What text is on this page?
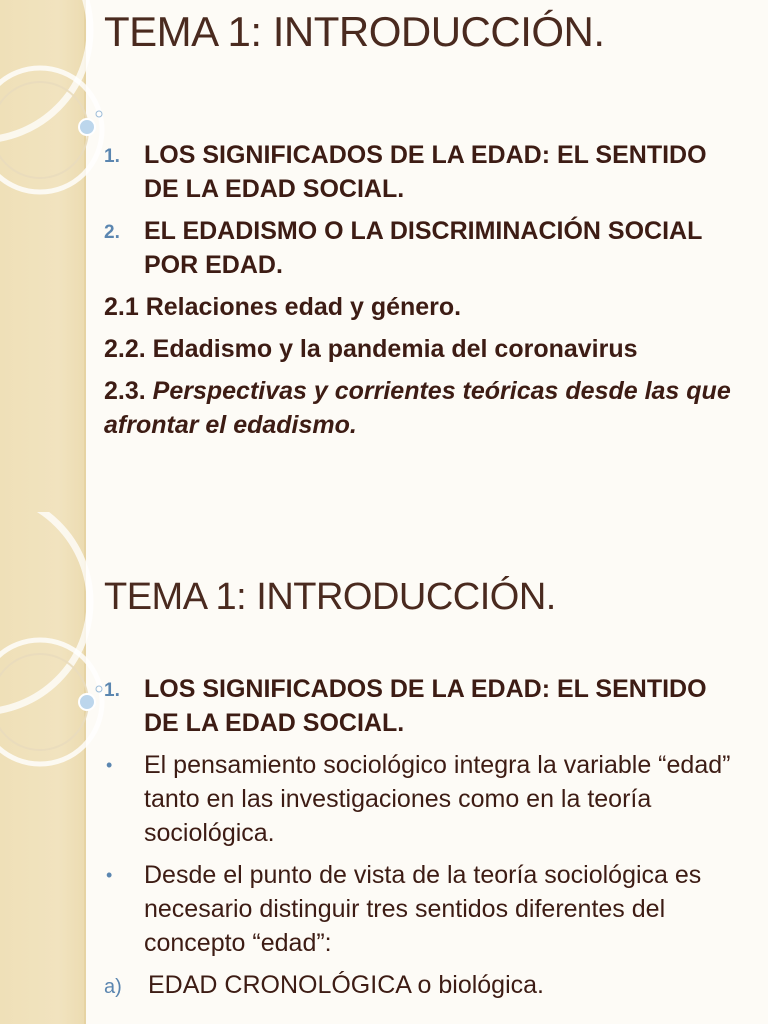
TEMA 1: INTRODUCCIÓN.
1. LOS SIGNIFICADOS DE LA EDAD: EL SENTIDO DE LA EDAD SOCIAL.
2. EL EDADISMO O LA DISCRIMINACIÓN SOCIAL POR EDAD.
2.1 Relaciones edad y género.
2.2. Edadismo y la pandemia del coronavirus
2.3. Perspectivas y corrientes teóricas desde las que afrontar el edadismo.
TEMA 1: INTRODUCCIÓN.
1. LOS SIGNIFICADOS DE LA EDAD: EL SENTIDO DE LA EDAD SOCIAL.
• El pensamiento sociológico integra la variable “edad” tanto en las investigaciones como en la teoría sociológica.
• Desde el punto de vista de la teoría sociológica es necesario distinguir tres sentidos diferentes del concepto “edad”:
a) EDAD CRONOLÓGICA o biológica.
